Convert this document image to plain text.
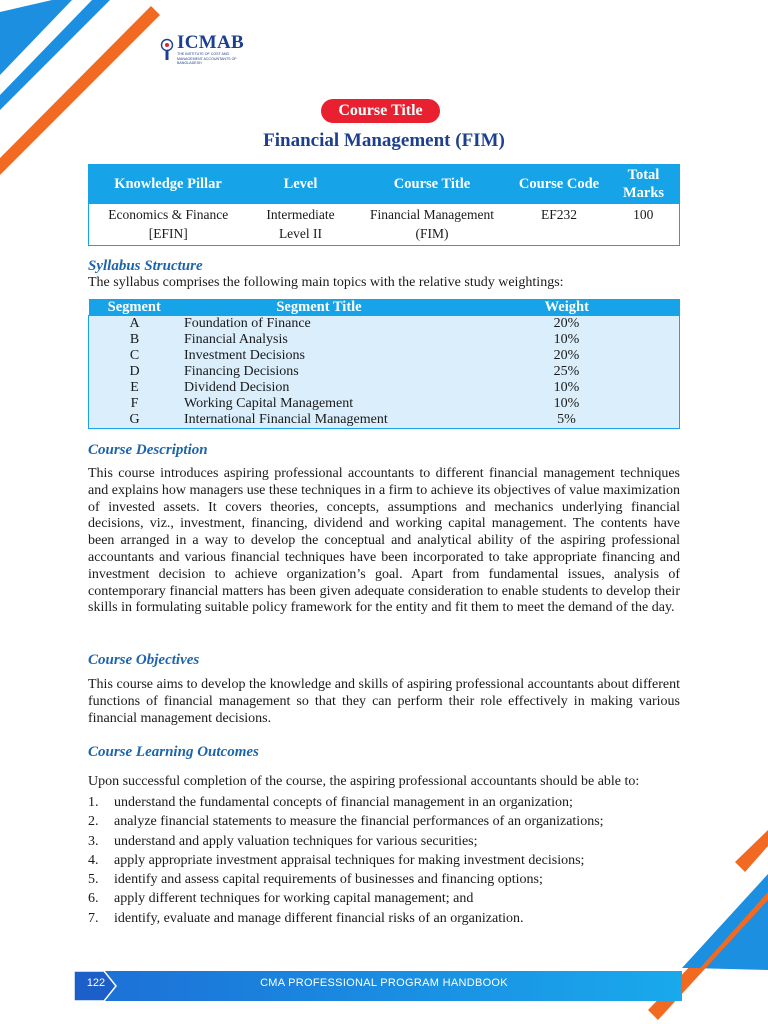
ICMAB
THE INSTITUTE OF COST AND MANAGEMENT ACCOUNTANTS OF BANGLADESH
Course Title
Financial Management (FIM)
Knowledge Pillar	Level	Course Title	Course Code	Total Marks
Economics & Finance [EFIN]	Intermediate Level II	Financial Management (FIM)	EF232	100
Syllabus Structure
The syllabus comprises the following main topics with the relative study weightings:
Segment	Segment Title	Weight
A	Foundation of Finance	20%
B	Financial Analysis	10%
C	Investment Decisions	20%
D	Financing Decisions	25%
E	Dividend Decision	10%
F	Working Capital Management	10%
G	International Financial Management	5%
Course Description
This course introduces aspiring professional accountants to different financial management techniques and explains how managers use these techniques in a firm to achieve its objectives of value maximization of invested assets. It covers theories, concepts, assumptions and mechanics underlying financial decisions, viz., investment, financing, dividend and working capital management. The contents have been arranged in a way to develop the conceptual and analytical ability of the aspiring professional accountants and various financial techniques have been incorporated to take appropriate financing and investment decision to achieve organization’s goal. Apart from fundamental issues, analysis of contemporary financial matters has been given adequate consideration to enable students to develop their skills in formulating suitable policy framework for the entity and fit them to meet the demand of the day.
Course Objectives
This course aims to develop the knowledge and skills of aspiring professional accountants about different functions of financial management so that they can perform their role effectively in making various financial management decisions.
Course Learning Outcomes
Upon successful completion of the course, the aspiring professional accountants should be able to:
1.	understand the fundamental concepts of financial management in an organization;
2.	analyze financial statements to measure the financial performances of an organizations;
3.	understand and apply valuation techniques for various securities;
4.	apply appropriate investment appraisal techniques for making investment decisions;
5.	identify and assess capital requirements of businesses and financing options;
6.	apply different techniques for working capital management; and
7.	identify, evaluate and manage different financial risks of an organization.
122	CMA PROFESSIONAL PROGRAM HANDBOOK
